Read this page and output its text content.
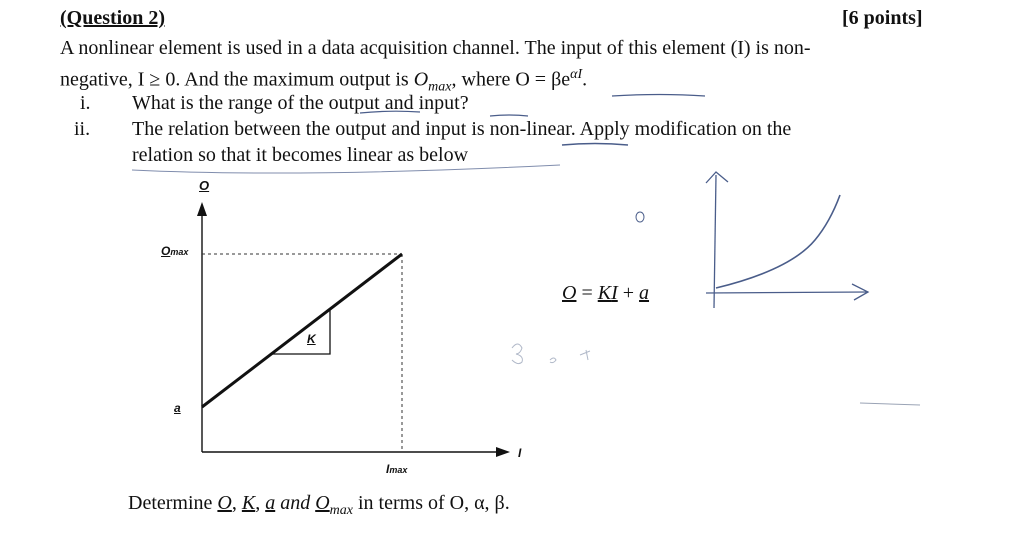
(Question 2)	[6 points]
A nonlinear element is used in a data acquisition channel. The input of this element (I) is non-
negative, I ≥ 0. And the maximum output is $O_{max}$, where $O = \beta e^{\alpha I}$.
i. What is the range of the output and input?
ii. The relation between the output and input is non-linear. Apply modification on the
relation so that it becomes linear as below
O
Omax
K
a
Imax
I
O = KI + a
Determine O, K, a and $O_{max}$ in terms of O, α, β.
